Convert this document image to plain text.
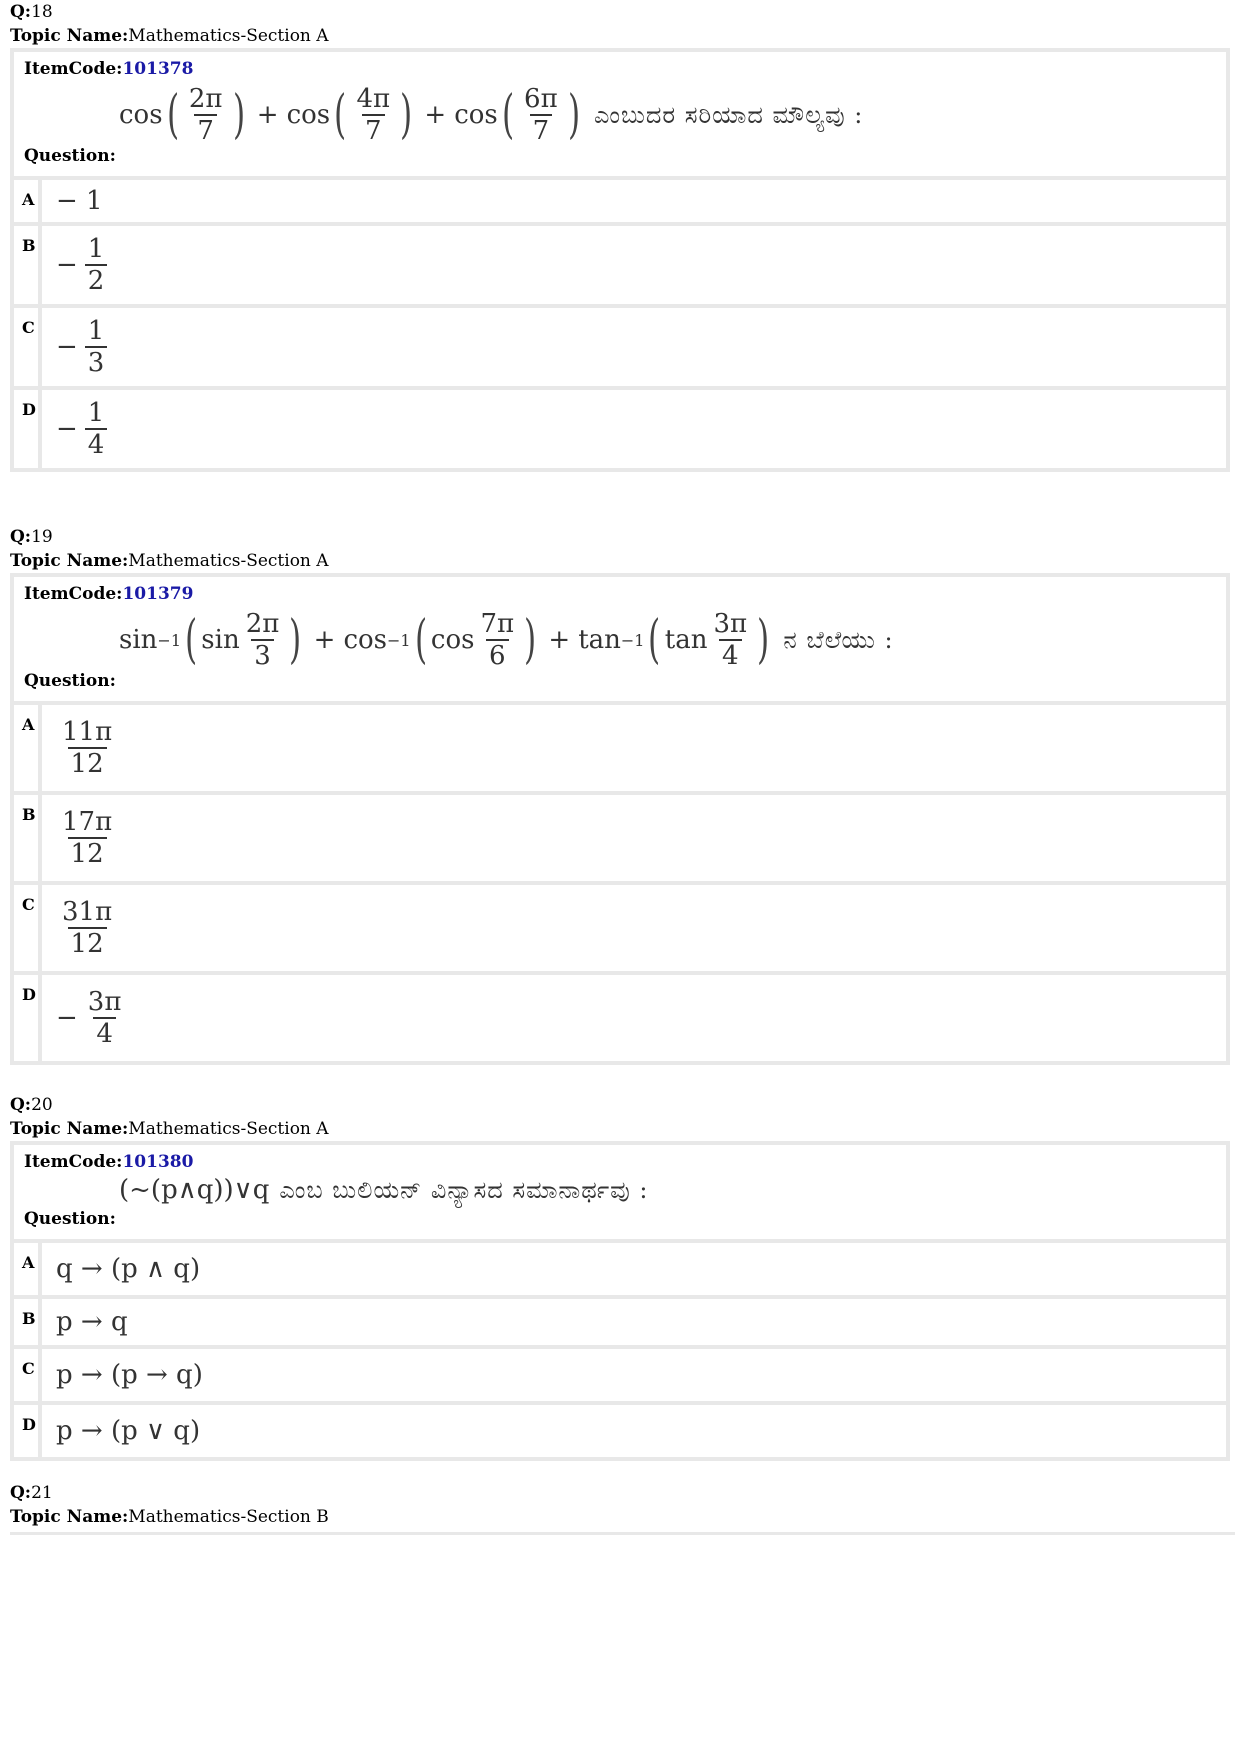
Q:18
Topic Name:Mathematics-Section A
ItemCode:101378
cos ( $\frac{2\pi}{7}$ ) + cos ( $\frac{4\pi}{7}$ ) + cos ( $\frac{6\pi}{7}$ ) ಎಂಬುದರ ಸರಿಯಾದ ಮೌಲ್ಯವು :
Question:
A − 1
B
− $\frac{1}{2}$
C
− $\frac{1}{3}$
D
− $\frac{1}{4}$
Q:19
Topic Name:Mathematics-Section A
ItemCode:101379
sin −1 ( $\sin \frac{2\pi}{3}$ ) + cos −1 ( $\cos \frac{7\pi}{6}$ ) + tan −1 ( $\tan \frac{3\pi}{4}$ ) ನ ಬೆಲೆಯು :
Question:
A $\frac{11\pi}{12}$
B $\frac{17\pi}{12}$
C $\frac{31\pi}{12}$
D
− $\frac{3\pi}{4}$
Q:20
Topic Name:Mathematics-Section A
ItemCode:101380
(~(p∧q))∨q ಎಂಬ ಬುಲಿಯನ್ ವಿನ್ಯಾಸದ ಸಮಾನಾರ್ಥವು :
Question:
A q → (p ∧ q)
B p → q
C p → (p → q)
D p → (p ∨ q)
Q:21
Topic Name:Mathematics-Section B
